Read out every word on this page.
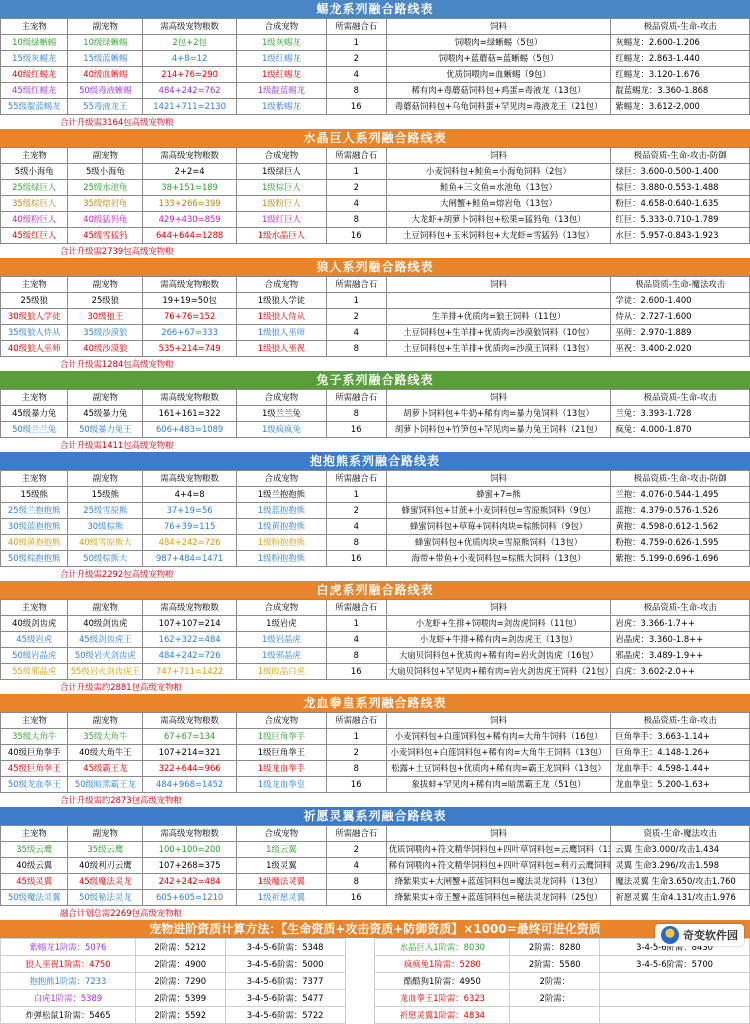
蜴龙系列融合路线表
主宠物	副宠物	需高级宠物粮数	合成宠物	所需融合石	饲料	极品资质-生命-攻击
10级绿蜥蜴	10级绿蜥蜴	2包+2包	1级灰蜴龙	1	饲喂肉=绿蜥蜴（5包）	灰蜴龙：2.600-1.206
15级灰蜴龙	15级蓝蜥蜴	4+8=12	1级红蜴龙	2	饲喂肉+蓝蘑菇=蓝蜥蜴（5包）	红蜴龙：2.863-1.440
40级红蜴龙	40级血蜥蜴	214+76=290	1级红蜴龙	4	优质饲喂肉=血蜥蜴（9包）	红蜴龙：3.120-1.676
45级红蜴龙	50级毒液蜥蜴	484+242=762	1级靛蓝蜴龙	8	稀有肉+毒蘑菇饲料包+鸡蛋=毒液龙（13包）	靛蓝蜴龙：3.360-1.868
55级靛蓝蜴龙	55毒液龙王	1421+711=2130	1级紫蜴龙	16	毒蘑菇饲料包+乌龟饲料蛋+罕见肉=毒液龙王（21包）	紫蜴龙：3.612-2.000
合计升级需3164包高级宠物粮
水晶巨人系列融合路线表
主宠物	副宠物	需高级宠物粮数	合成宠物	所需融合石	饲料	极品资质-生命-攻击-防御
5级小海龟	5级小海龟	2+2=4	1级绿巨人	1	小麦饲料包+鲑鱼=小海龟饲料（2包）	绿巨：3.600-0.500-1.400
25级绿巨人	25级水池龟	38+151=189	1级棕巨人	2	鲑鱼+三文鱼=水池龟（13包）	棕巨：3.880-0.553-1.488
35级棕巨人	35级熔岩龟	133+266=399	1级粉巨人	4	大闸蟹+鲑鱼=熔岩龟（13包）	粉巨：4.658-0.640-1.635
40级粉巨人	40级猛犸龟	429+430=859	1级红巨人	8	大龙虾+胡萝卜饲料包+松果=猛犸龟（13包）	红巨：5.333-0.710-1.789
45级红巨人	45级雪猛犸	644+644=1288	1级水晶巨人	16	土豆饲料包+玉米饲料包+大龙虾=雪猛犸（13包）	水巨：5.957-0.843-1.923
合计升级需2739包高级宠物粮
狼人系列融合路线表
主宠物	副宠物	需高级宠物粮数	合成宠物	所需融合石	饲料	极品资质-生命-魔法攻击
25级狼	25级狼	19+19=50包	1级狼人学徒	1		学徒：2.600-1.400
30级狼人学徒	30级狼王	76+76=152	1级狼人侍从	2	生羊排+优质肉=狼王饲料（11包）	侍从：2.727-1.600
35级狼人侍从	35级沙漠狼	266+67=333	1级狼人巫师	4	土豆饲料包+生羊排+优质肉=沙漠狼饲料（10包）	巫师：2.970-1.889
40级狼人巫师	40级沙漠狼	535+214=749	1级狼人巫祝	8	土豆饲料包+生羊排+优质肉=沙漠王饲料（13包）	巫祝：3.400-2.020
合计升级需1284包高级宠物粮
兔子系列融合路线表
主宠物	副宠物	需高级宠物粮数	合成宠物	所需融合石	饲料	极品资质-生命-攻击
45级暴力兔	45级暴力兔	161+161=322	1级兰兰兔	8	胡萝卜饲料包+牛奶+稀有肉=暴力兔饲料（13包）	兰兔：3.393-1.728
50级兰兰兔	50级暴力兔王	606+483=1089	1级疯疯兔	16	胡萝卜饲料包+竹笋包+罕见肉=暴力兔王饲料（21包）	疯兔：4.000-1.870
合计升级需1411包高级宠物粮
抱抱熊系列融合路线表
主宠物	副宠物	需高级宠物粮数	合成宠物	所需融合石	饲料	极品资质-生命-攻击-防御
15级熊	15级熊	4+4=8	1级兰抱抱熊	1	蜂蜜+7=熊	兰抱：4.076-0.544-1.495
25级兰抱抱熊	25级雪原熊	37+19=56	1级蓝抱抱熊	2	蜂蜜饲料包+甘蔗+小麦饲料包=雪原熊饲料（9包）	蓝抱：4.379-0.576-1.526
30级蓝抱抱熊	30级棕熊	76+39=115	1级黄抱抱熊	4	蜂蜜饲料包+草莓+饲料肉块=棕熊饲料（9包）	黄抱：4.598-0.612-1.562
40级黄抱抱熊	40级雪原熊大	484+242=726	1级粉抱抱熊	8	蜂蜜饲料包+优质肉块=雪原熊饲料（13包）	粉抱：4.759-0.626-1.595
50级棕抱抱熊	50级棕熊大	987+484=1471	1级粉抱抱熊	16	海带+带鱼+小麦饲料包=棕熊大饲料（13包）	紫抱：5.199-0.696-1.696
合计升级需2292包高级宠物粮
白虎系列融合路线表
主宠物	副宠物	需高级宠物粮数	合成宠物	所需融合石	饲料	极品资质-生命-攻击
40级剑齿虎	40级剑齿虎	107+107=214	1级岩虎	1	小龙虾+生排+饲喂肉=剑齿虎饲料（11包）	岩虎：3.366-1.7++
45级岩虎	45级剑齿虎王	162+322=484	1级岩晶虎	4	小龙虾+牛排+稀有肉=剑齿虎王（13包）	岩晶虎：3.360-1.8++
50级岩晶虎	50级岩火剑齿虎	484+242=726	1级邪晶虎	8	大扇贝饲料包+优质肉+稀有肉=岩火剑齿虎（16包）	邪晶虎：3.489-1.9++
55级邪晶虎	55级岩火剑齿虎王	747+711=1422	1级皎晶白虎	16	大扇贝饲料包+罕见肉+稀有肉=岩火剑齿虎王饲料（21包）	白虎：3.602-2.0++
合计升级需约2881包高级宠物粮
龙血拳皇系列融合路线表
主宠物	副宠物	需高级宠物粮数	合成宠物	所需融合石	饲料	极品资质-生命-攻击
35级大角牛	35级大角牛	67+67=134	1级巨角拳手	1	小麦饲料包+白莲饲料包+稀有肉=大角牛饲料（16包）	巨角拳手：3.663-1.14+
40级巨角拳手	40级大角牛王	107+214=321	1级巨角拳王	2	小麦饲料包+白莲饲料包+稀有肉=大角牛王饲料（13包）	巨角拳王：4.148-1.26+
45级巨角拳王	45级霸王龙	322+644=966	1级龙血拳手	8	松露+土豆饲料包+优质肉+稀有肉=霸王龙饲料（13包）	龙血拳手：4.598-1.44+
50级龙血拳王	50级暗黑霸王龙	484+968=1452	1级龙血拳皇	16	象拔蚌+罕见肉+稀有肉=暗黑霸王龙（51包）	龙血拳皇：5.200-1.63+
合计升级需约2873包高级宠物粮
祈愿灵翼系列融合路线表
主宠物	副宠物	需高级宠物粮数	合成宠物	所需融合石	饲料	资质-生命-魔法攻击
35级云鹰	35级云鹰	100+100=200	1级云翼	2	优质饲喂肉+符文精华饲料包+四叶草饲料包=云鹰饲料（13包）	云翼 生命3.000/攻击1.434
40级云翼	40级利刃云鹰	107+268=375	1级灵翼	4	稀有饲喂肉+符文精华饲料包+四叶草饲料包=利刃云鹰饲料	灵翼 生命3.296/攻击1.598
45级灵翼	45级魔法灵龙	242+242=484	1级魔法灵翼	8	绛紫果实+大闸蟹+蓝莲饲料包=魔法灵龙饲料（13包）	魔法灵翼 生命3.650/攻击1.760
50级魔法灵翼	50级秘法灵龙	605+605=1210	1级祈愿灵翼	16	绛紫果实+帝王蟹+蓝莲饲料包=秘法灵龙饲料（25包）	祈愿灵翼 生命4.131/攻击1.976
融合计划总需2269包高级宠物粮
宠物进阶资质计算方法：【生命资质+攻击资质+防御资质】×1000=最终可进化资质
紫蜴龙1阶需：5076	2阶需：5212	3-4-5-6阶需：5348		水晶巨人1阶需：8030	2阶需：8280	3-4-5-6阶需：8430
狼人巫祝1阶需：4750	2阶需：4900	3-4-5-6阶需：5000		疯疯兔1阶需：5280	2阶需：5580	3-4-5-6阶需：5700
抱抱熊1阶需：7233	2阶需：7290	3-4-5-6阶需：7377		酷酷狗1阶需：4950	2阶需：	
白虎1阶需：5389	2阶需：5399	3-4-5-6阶需：5477		龙血拳王1阶需：6323	2阶需：	
炸弹松鼠1阶需：5465	2阶需：5592	3-4-5-6阶需：5722		祈愿灵翼1阶需：4834		
奇变软件园
